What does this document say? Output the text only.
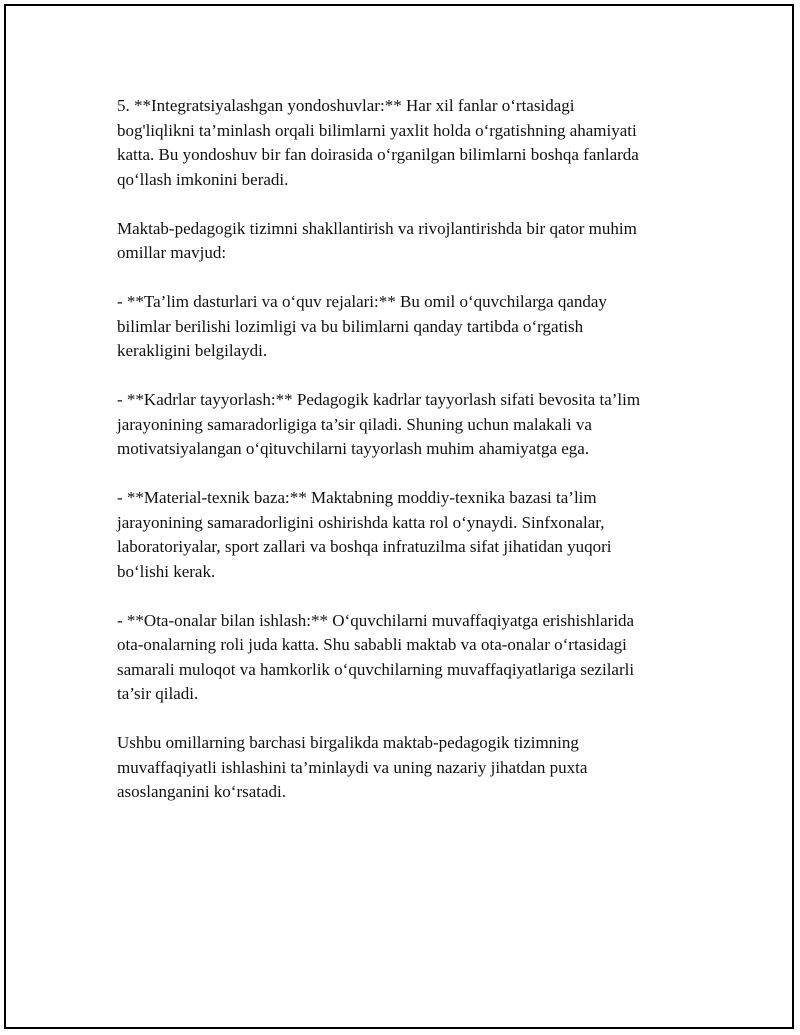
5. **Integratsiyalashgan yondoshuvlar:** Har xil fanlar o‘rtasidagi
bog'liqlikni ta’minlash orqali bilimlarni yaxlit holda o‘rgatishning ahamiyati
katta. Bu yondoshuv bir fan doirasida o‘rganilgan bilimlarni boshqa fanlarda
qo‘llash imkonini beradi.

Maktab-pedagogik tizimni shakllantirish va rivojlantirishda bir qator muhim
omillar mavjud:

- **Ta’lim dasturlari va o‘quv rejalari:** Bu omil o‘quvchilarga qanday
bilimlar berilishi lozimligi va bu bilimlarni qanday tartibda o‘rgatish
kerakligini belgilaydi.

- **Kadrlar tayyorlash:** Pedagogik kadrlar tayyorlash sifati bevosita ta’lim
jarayonining samaradorligiga ta’sir qiladi. Shuning uchun malakali va
motivatsiyalangan o‘qituvchilarni tayyorlash muhim ahamiyatga ega.

- **Material-texnik baza:** Maktabning moddiy-texnika bazasi ta’lim
jarayonining samaradorligini oshirishda katta rol o‘ynaydi. Sinfxonalar,
laboratoriyalar, sport zallari va boshqa infratuzilma sifat jihatidan yuqori
bo‘lishi kerak.

- **Ota-onalar bilan ishlash:** O‘quvchilarni muvaffaqiyatga erishishlarida
ota-onalarning roli juda katta. Shu sababli maktab va ota-onalar o‘rtasidagi
samarali muloqot va hamkorlik o‘quvchilarning muvaffaqiyatlariga sezilarli
ta’sir qiladi.

Ushbu omillarning barchasi birgalikda maktab-pedagogik tizimning
muvaffaqiyatli ishlashini ta’minlaydi va uning nazariy jihatdan puxta
asoslanganini ko‘rsatadi.
